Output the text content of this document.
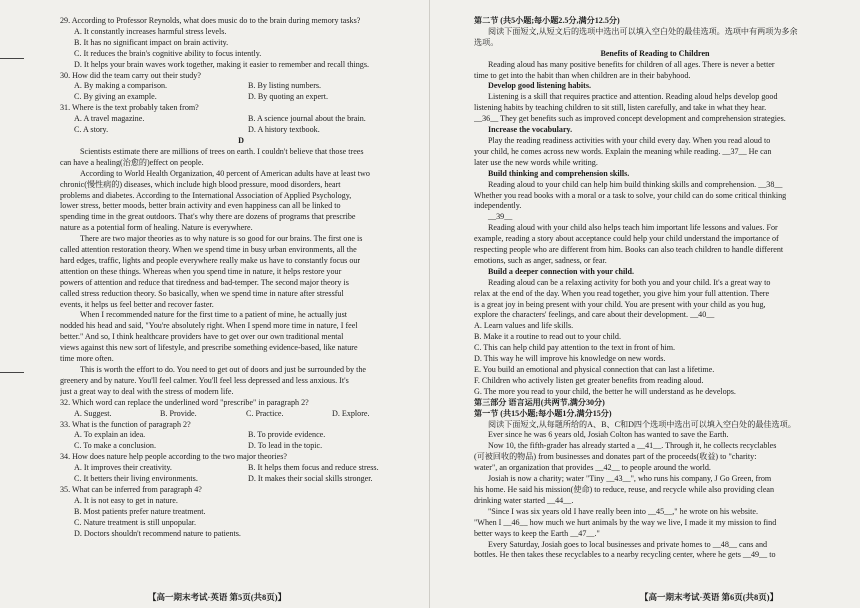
29. According to Professor Reynolds, what does music do to the brain during memory tasks?
A. It constantly increases harmful stress levels.
B. It has no significant impact on brain activity.
C. It reduces the brain's cognitive ability to focus intently.
D. It helps your brain waves work together, making it easier to remember and recall things.
30. How did the team carry out their study?
A. By making a comparison.	B. By listing numbers.
C. By giving an example.	D. By quoting an expert.
31. Where is the text probably taken from?
A. A travel magazine.	B. A science journal about the brain.
C. A story.	D. A history textbook.
D
Scientists estimate there are millions of trees on earth. I couldn't believe that those trees
can have a healing(治愈的)effect on people.
According to World Health Organization, 40 percent of American adults have at least two
chronic(慢性病的) diseases, which include high blood pressure, mood disorders, heart
problems and diabetes. According to the International Association of Applied Psychology,
lower stress, better moods, better brain activity and even happiness can all be linked to
spending time in the great outdoors. That's why there are dozens of programs that prescribe
nature as a potential form of healing. Nature is everywhere.
There are two major theories as to why nature is so good for our brains. The first one is
called attention restoration theory. When we spend time in busy urban environments, all the
hard edges, traffic, lights and people everywhere really make us have to constantly focus our
attention on these things. Whereas when you spend time in nature, it helps restore your
powers of attention and reduce that tiredness and bad-temper. The second major theory is
called stress reduction theory. So basically, when we spend time in nature after stressful
events, it helps us feel better and recover faster.
When I recommended nature for the first time to a patient of mine, he actually just
nodded his head and said, "You're absolutely right. When I spend more time in nature, I feel
better." And so, I think healthcare providers have to get over our own traditional mental
views against this new sort of lifestyle, and prescribe something evidence-based, like nature
time more often.
This is worth the effort to do. You need to get out of doors and just be surrounded by the
greenery and by nature. You'll feel calmer. You'll feel less depressed and less anxious. It's
just a great way to deal with the stress of modern life.
32. Which word can replace the underlined word "prescribe" in paragraph 2?
A. Suggest.	B. Provide.	C. Practice.	D. Explore.
33. What is the function of paragraph 2?
A. To explain an idea.	B. To provide evidence.
C. To make a conclusion.	D. To lead in the topic.
34. How does nature help people according to the two major theories?
A. It improves their creativity.	B. It helps them focus and reduce stress.
C. It betters their living environments.	D. It makes their social skills stronger.
35. What can be inferred from paragraph 4?
A. It is not easy to get in nature.
B. Most patients prefer nature treatment.
C. Nature treatment is still unpopular.
D. Doctors shouldn't recommend nature to patients.
第二节 (共5小题;每小题2.5分,满分12.5分)
阅读下面短文,从短文后的选项中选出可以填入空白处的最佳选项。选项中有两项为多余
选项。
Benefits of Reading to Children
Reading aloud has many positive benefits for children of all ages. There is never a better
time to get into the habit than when children are in their babyhood.
Develop good listening habits.
Listening is a skill that requires practice and attention. Reading aloud helps develop good
listening habits by teaching children to sit still, listen carefully, and take in what they hear.
__36__ They get benefits such as improved concept development and comprehension strategies.
Increase the vocabulary.
Play the reading readiness activities with your child every day. When you read aloud to
your child, he comes across new words. Explain the meaning while reading. __37__ He can
later use the new words while writing.
Build thinking and comprehension skills.
Reading aloud to your child can help him build thinking skills and comprehension. __38__
Whether you read books with a moral or a task to solve, your child can do some critical thinking
independently.
__39__
Reading aloud with your child also helps teach him important life lessons and values. For
example, reading a story about acceptance could help your child understand the importance of
respecting people who are different from him. Books can also teach children to handle different
emotions, such as anger, sadness, or fear.
Build a deeper connection with your child.
Reading aloud can be a relaxing activity for both you and your child. It's a great way to
relax at the end of the day. When you read together, you give him your full attention. There
is a great joy in being present with your child. You are present with your child as you hug,
explore the characters' feelings, and care about their development. __40__
A. Learn values and life skills.
B. Make it a routine to read out to your child.
C. This can help child pay attention to the text in front of him.
D. This way he will improve his knowledge on new words.
E. You build an emotional and physical connection that can last a lifetime.
F. Children who actively listen get greater benefits from reading aloud.
G. The more you read to your child, the better he will understand as he develops.
第三部分 语言运用(共两节,满分30分)
第一节 (共15小题;每小题1分,满分15分)
阅读下面短文,从每题所给的A、B、C和D四个选项中选出可以填入空白处的最佳选项。
Ever since he was 6 years old, Josiah Colton has wanted to save the Earth.
Now 10, the fifth-grader has already started a __41__. Through it, he collects recyclables
(可被回收的物品) from businesses and donates part of the proceeds(收益) to "charity:
water", an organization that provides __42__ to people around the world.
Josiah is now a charity; water "Tiny __43__", who runs his company, J Go Green, from
his home. He said his mission(使命) to reduce, reuse, and recycle while also providing clean
drinking water started __44__.
"Since I was six years old I have really been into __45__," he wrote on his website.
"When I __46__ how much we hurt animals by the way we live, I made it my mission to find
better ways to keep the Earth __47__."
Every Saturday, Josiah goes to local businesses and private homes to __48__ cans and
bottles. He then takes these recyclables to a nearby recycling center, where he gets __49__ to
【高一期末考试·英语 第5页(共8页)】	【高一期末考试·英语 第6页(共8页)】
